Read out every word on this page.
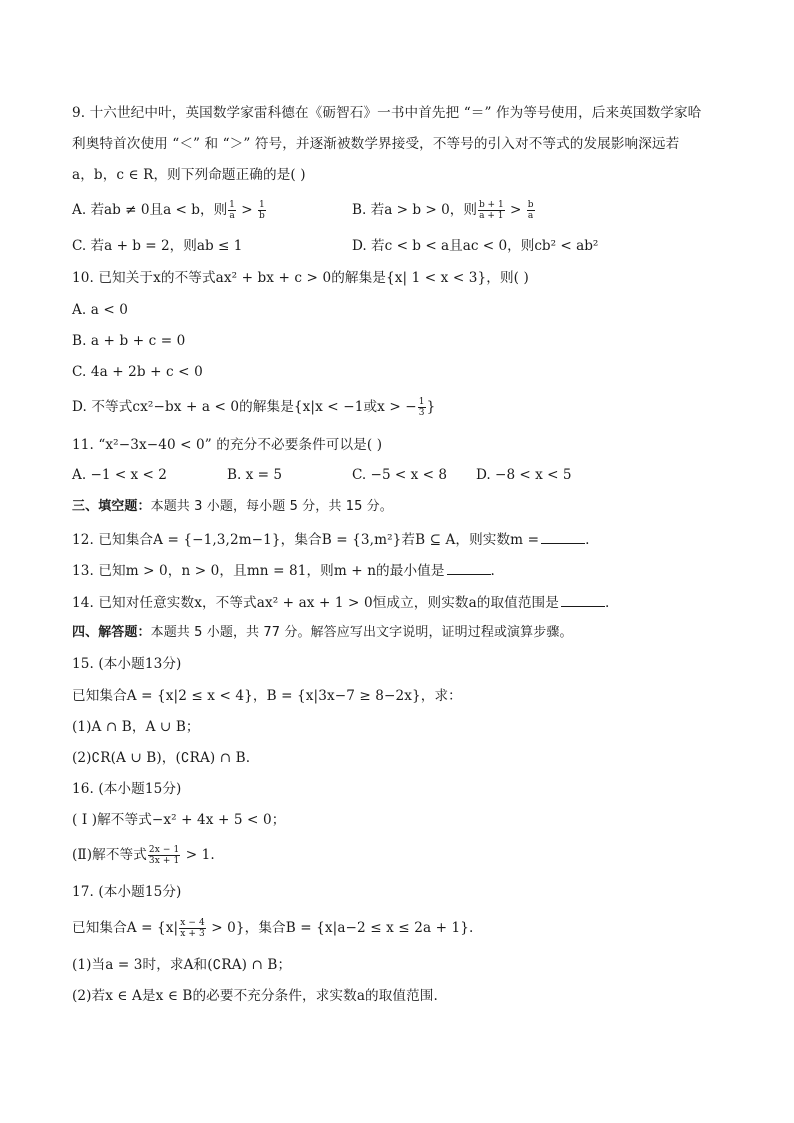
9. 十六世纪中叶，英国数学家雷科德在《砺智石》一书中首先把 “＝” 作为等号使用，后来英国数学家哈
利奥特首次使用 “＜” 和 “＞” 符号，并逐渐被数学界接受，不等号的引入对不等式的发展影响深远若
a，b，c ∈ R，则下列命题正确的是( )
A. 若ab ≠ 0且a < b，则 $\frac{1}{a} > \frac{1}{b}$	B. 若a > b > 0，则 $\frac{b + 1}{a + 1} > \frac{b}{a}$
C. 若a + b = 2，则ab ≤ 1	D. 若c < b < a且ac < 0，则cb² < ab²
10. 已知关于x的不等式ax² + bx + c > 0的解集是{x| 1 < x < 3}，则( )
A. a < 0
B. a + b + c = 0
C. 4a + 2b + c < 0
D. 不等式cx²−bx + a < 0的解集是{x|x < −1或x > − $\frac{1}{3}$ }
11. “x²−3x−40 < 0” 的充分不必要条件可以是( )
A. −1 < x < 2	B. x = 5	C. −5 < x < 8 D. −8 < x < 5
三、填空题：本题共 3 小题，每小题 5 分，共 15 分。
12. 已知集合A = {−1,3,2m−1}，集合B = {3,m²}若B ⊆ A，则实数m =	.
13. 已知m > 0，n > 0，且mn = 81，则m + n的最小值是	.
14. 已知对任意实数x，不等式ax² + ax + 1 > 0恒成立，则实数a的取值范围是	.
四、解答题：本题共 5 小题，共 77 分。解答应写出文字说明，证明过程或演算步骤。
15. (本小题13分)
已知集合A = {x|2 ≤ x < 4}，B = {x|3x−7 ≥ 8−2x}，求：
(1)A ∩ B，A ∪ B；
(2)∁R(A ∪ B)，(∁RA) ∩ B.
16. (本小题15分)
( Ⅰ )解不等式−x² + 4x + 5 < 0；
(Ⅱ)解不等式 $\frac{2x - 1}{3x + 1} > 1$.
17. (本小题15分)
已知集合$A = \{x| \frac{x - 4}{x + 3} > 0\}$，集合B = {x|a−2 ≤ x ≤ 2a + 1}.
(1)当a = 3时，求A和(∁RA) ∩ B；
(2)若x ∈ A是x ∈ B的必要不充分条件，求实数a的取值范围.
